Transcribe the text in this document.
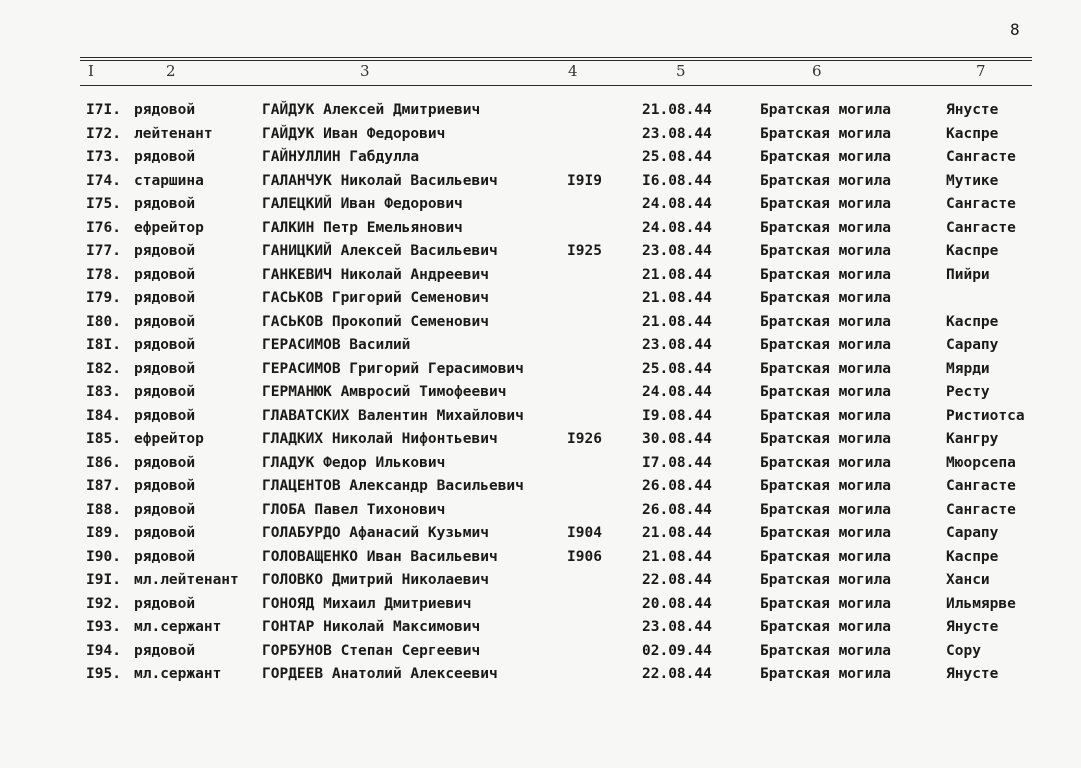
8
I	2	3	4	5	6	7
I7I. рядовой	ГАЙДУК Алексей Дмитриевич	21.08.44	Братская могила	Янусте
I72. лейтенант	ГАЙДУК Иван Федорович	23.08.44	Братская могила	Каспре
I73. рядовой	ГАЙНУЛЛИН Габдулла	25.08.44	Братская могила	Сангасте
I74. старшина	ГАЛАНЧУК Николай Васильевич	I9I9	I6.08.44	Братская могила	Мутике
I75. рядовой	ГАЛЕЦКИЙ Иван Федорович	24.08.44	Братская могила	Сангасте
I76. ефрейтор	ГАЛКИН Петр Емельянович	24.08.44	Братская могила	Сангасте
I77. рядовой	ГАНИЦКИЙ Алексей Васильевич	I925	23.08.44	Братская могила	Каспре
I78. рядовой	ГАНКЕВИЧ Николай Андреевич	21.08.44	Братская могила	Пийри
I79. рядовой	ГАСЬКОВ Григорий Семенович	21.08.44	Братская могила
I80. рядовой	ГАСЬКОВ Прокопий Семенович	21.08.44	Братская могила	Каспре
I8I. рядовой	ГЕРАСИМОВ Василий	23.08.44	Братская могила	Сарапу
I82. рядовой	ГЕРАСИМОВ Григорий Герасимович	25.08.44	Братская могила	Мярди
I83. рядовой	ГЕРМАНЮК Амвросий Тимофеевич	24.08.44	Братская могила	Ресту
I84. рядовой	ГЛАВАТСКИХ Валентин Михайлович	I9.08.44	Братская могила	Ристиотса
I85. ефрейтор	ГЛАДКИХ Николай Нифонтьевич	I926	30.08.44	Братская могила	Кангру
I86. рядовой	ГЛАДУК Федор Илькович	I7.08.44	Братская могила	Мюорсепа
I87. рядовой	ГЛАЦЕНТОВ Александр Васильевич	26.08.44	Братская могила	Сангасте
I88. рядовой	ГЛОБА Павел Тихонович	26.08.44	Братская могила	Сангасте
I89. рядовой	ГОЛАБУРДО Афанасий Кузьмич	I904	21.08.44	Братская могила	Сарапу
I90. рядовой	ГОЛОВАЩЕНКО Иван Васильевич	I906	21.08.44	Братская могила	Каспре
I9I. мл.лейтенант ГОЛОВКО Дмитрий Николаевич	22.08.44	Братская могила	Ханси
I92. рядовой	ГОНОЯД Михаил Дмитриевич	20.08.44	Братская могила	Ильмярве
I93. мл.сержант	ГОНТАР Николай Максимович	23.08.44	Братская могила	Янусте
I94. рядовой	ГОРБУНОВ Степан Сергеевич	02.09.44	Братская могила	Сору
I95. мл.сержант	ГОРДЕЕВ Анатолий Алексеевич	22.08.44	Братская могила	Янусте
